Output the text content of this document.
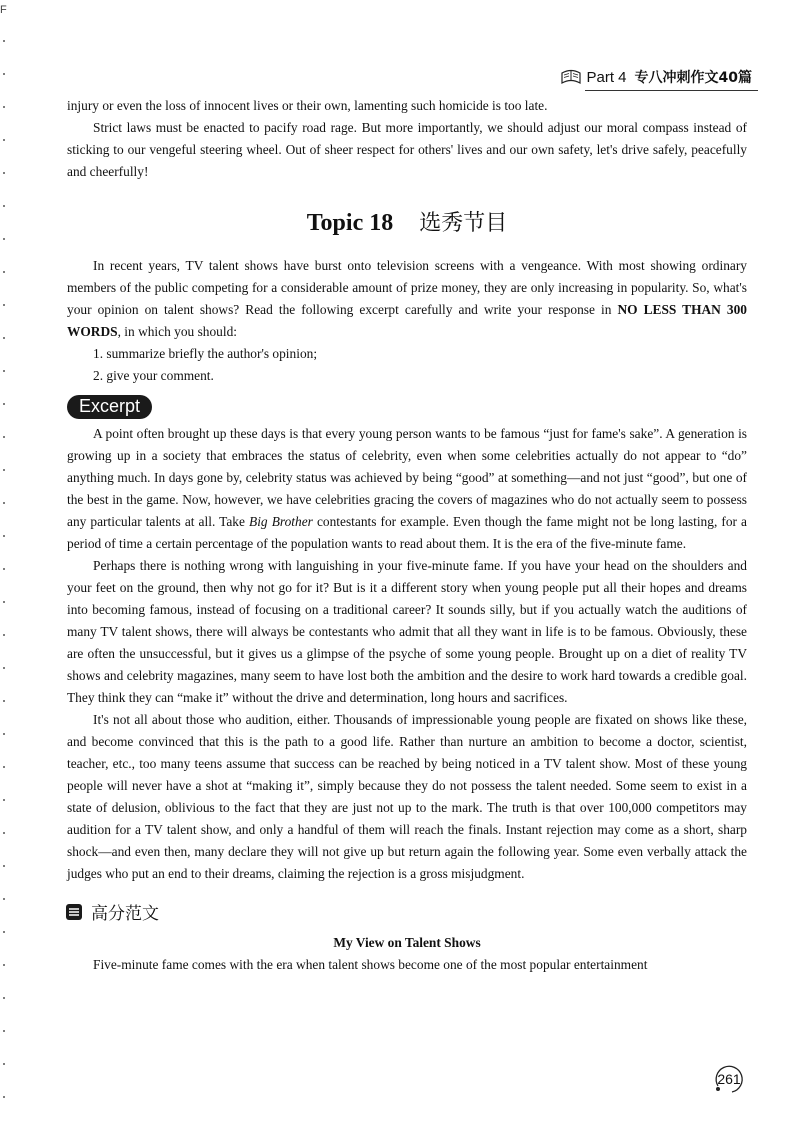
F
Part 4 专八冲刺作文40篇

injury or even the loss of innocent lives or their own, lamenting such homicide is too late.

Strict laws must be enacted to pacify road rage. But more importantly, we should adjust our moral compass instead of sticking to our vengeful steering wheel. Out of sheer respect for others' lives and our own safety, let's drive safely, peacefully and cheerfully!

Topic 18 选秀节目

In recent years, TV talent shows have burst onto television screens with a vengeance. With most showing ordinary members of the public competing for a considerable amount of prize money, they are only increasing in popularity. So, what's your opinion on talent shows? Read the following excerpt carefully and write your response in NO LESS THAN 300 WORDS, in which you should:

1. summarize briefly the author's opinion;
2. give your comment.
Excerpt

A point often brought up these days is that every young person wants to be famous “just for fame's sake”. A generation is growing up in a society that embraces the status of celebrity, even when some celebrities actually do not appear to “do” anything much. In days gone by, celebrity status was achieved by being “good” at something—and not just “good”, but one of the best in the game. Now, however, we have celebrities gracing the covers of magazines who do not actually seem to possess any particular talents at all. Take Big Brother contestants for example. Even though the fame might not be long lasting, for a period of time a certain percentage of the population wants to read about them. It is the era of the five-minute fame.

Perhaps there is nothing wrong with languishing in your five-minute fame. If you have your head on the shoulders and your feet on the ground, then why not go for it? But is it a different story when young people put all their hopes and dreams into becoming famous, instead of focusing on a traditional career? It sounds silly, but if you actually watch the auditions of many TV talent shows, there will always be contestants who admit that all they want in life is to be famous. Obviously, these are often the unsuccessful, but it gives us a glimpse of the psyche of some young people. Brought up on a diet of reality TV shows and celebrity magazines, many seem to have lost both the ambition and the desire to work hard towards a credible goal. They think they can “make it” without the drive and determination, long hours and sacrifices.

It's not all about those who audition, either. Thousands of impressionable young people are fixated on shows like these, and become convinced that this is the path to a good life. Rather than nurture an ambition to become a doctor, scientist, teacher, etc., too many teens assume that success can be reached by being noticed in a TV talent show. Most of these young people will never have a shot at “making it”, simply because they do not possess the talent needed. Some seem to exist in a state of delusion, oblivious to the fact that they are just not up to the mark. The truth is that over 100,000 competitors may audition for a TV talent show, and only a handful of them will reach the finals. Instant rejection may come as a short, sharp shock—and even then, many declare they will not give up but return again the following year. Some even verbally attack the judges who put an end to their dreams, claiming the rejection is a gross misjudgment.

高分范文
My View on Talent Shows

Five-minute fame comes with the era when talent shows become one of the most popular entertainment

261
